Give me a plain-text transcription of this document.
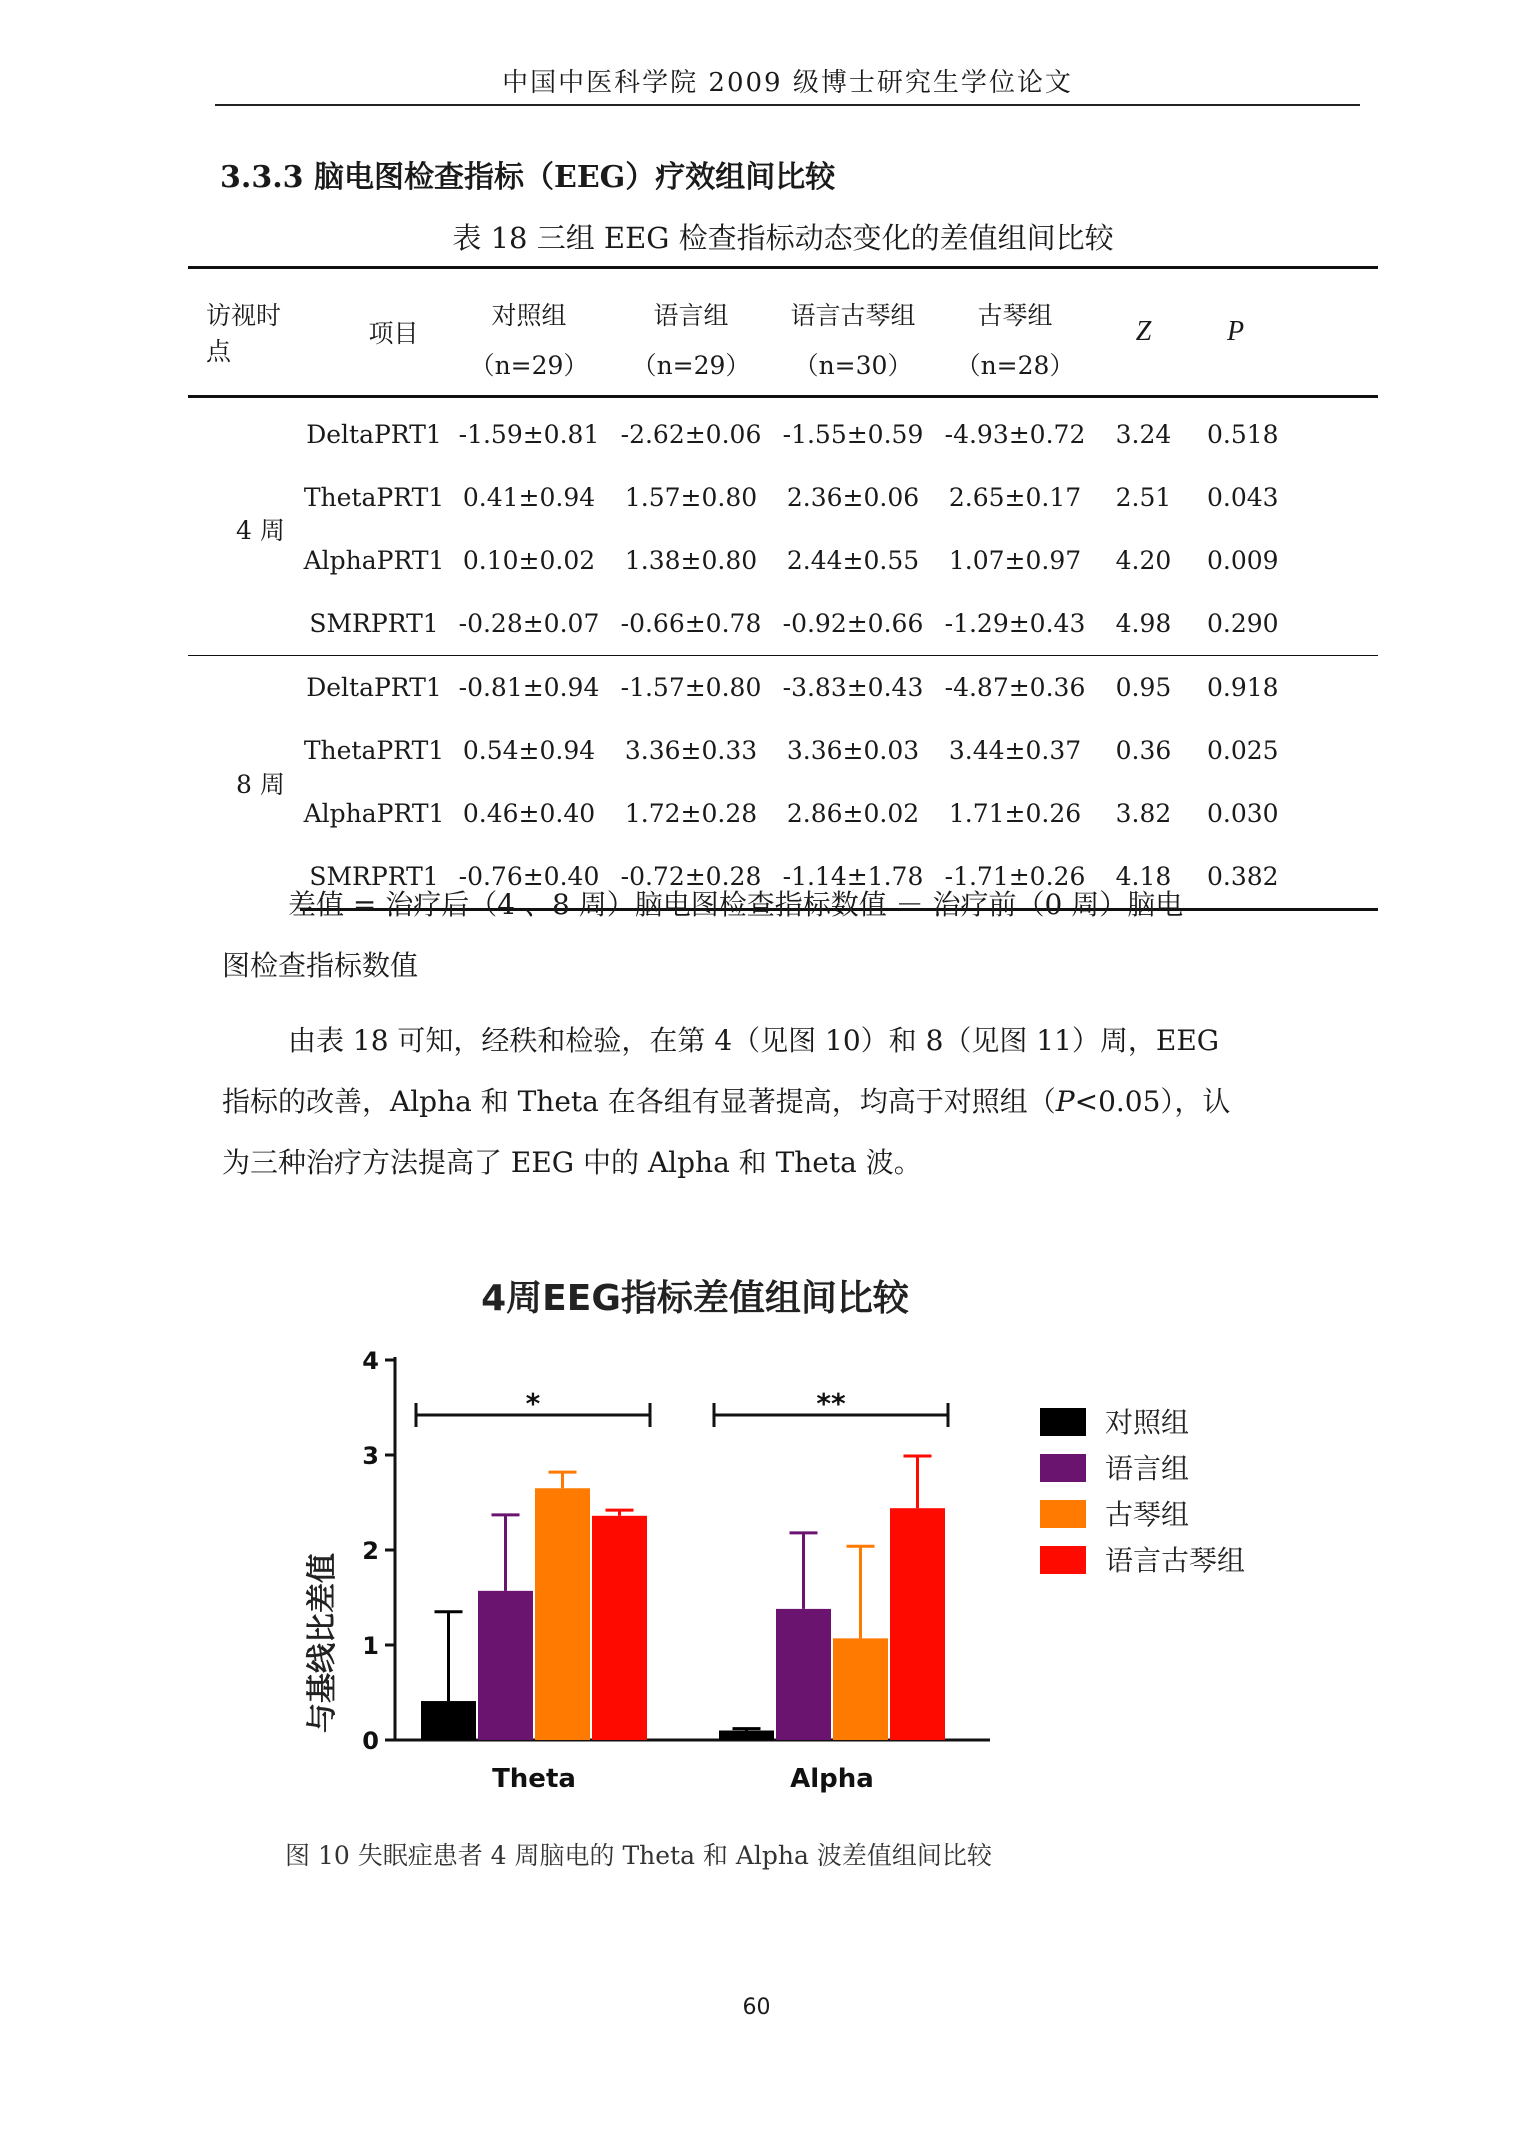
中国中医科学院 2009 级博士研究生学位论文
3.3.3 脑电图检查指标（EEG）疗效组间比较
表 18 三组 EEG 检查指标动态变化的差值组间比较
访视时点	项目	对照组	语言组	语言古琴组	古琴组	Z	P
		（n=29）	（n=29）	（n=30）	（n=28）		
4 周	DeltaPRT1	-1.59±0.81	-2.62±0.06	-1.55±0.59	-4.93±0.72	3.24	0.518
	ThetaPRT1	0.41±0.94	1.57±0.80	2.36±0.06	2.65±0.17	2.51	0.043
	AlphaPRT1	0.10±0.02	1.38±0.80	2.44±0.55	1.07±0.97	4.20	0.009
	SMRPRT1	-0.28±0.07	-0.66±0.78	-0.92±0.66	-1.29±0.43	4.98	0.290
8 周	DeltaPRT1	-0.81±0.94	-1.57±0.80	-3.83±0.43	-4.87±0.36	0.95	0.918
	ThetaPRT1	0.54±0.94	3.36±0.33	3.36±0.03	3.44±0.37	0.36	0.025
	AlphaPRT1	0.46±0.40	1.72±0.28	2.86±0.02	1.71±0.26	3.82	0.030
	SMRPRT1	-0.76±0.40	-0.72±0.28	-1.14±1.78	-1.71±0.26	4.18	0.382
差值 = 治疗后（4 、8 周）脑电图检查指标数值 － 治疗前（0 周）脑电
图检查指标数值
由表 18 可知，经秩和检验，在第 4（见图 10）和 8（见图 11）周，EEG
指标的改善，Alpha 和 Theta 在各组有显著提高，均高于对照组（P<0.05），认
为三种治疗方法提高了 EEG 中的 Alpha 和 Theta 波。
4周EEG指标差值组间比较
与基线比差值
0
1
2
3
4
Theta
*
Alpha
**
对照组
语言组
古琴组
语言古琴组
图 10 失眠症患者 4 周脑电的 Theta 和 Alpha 波差值组间比较
60
